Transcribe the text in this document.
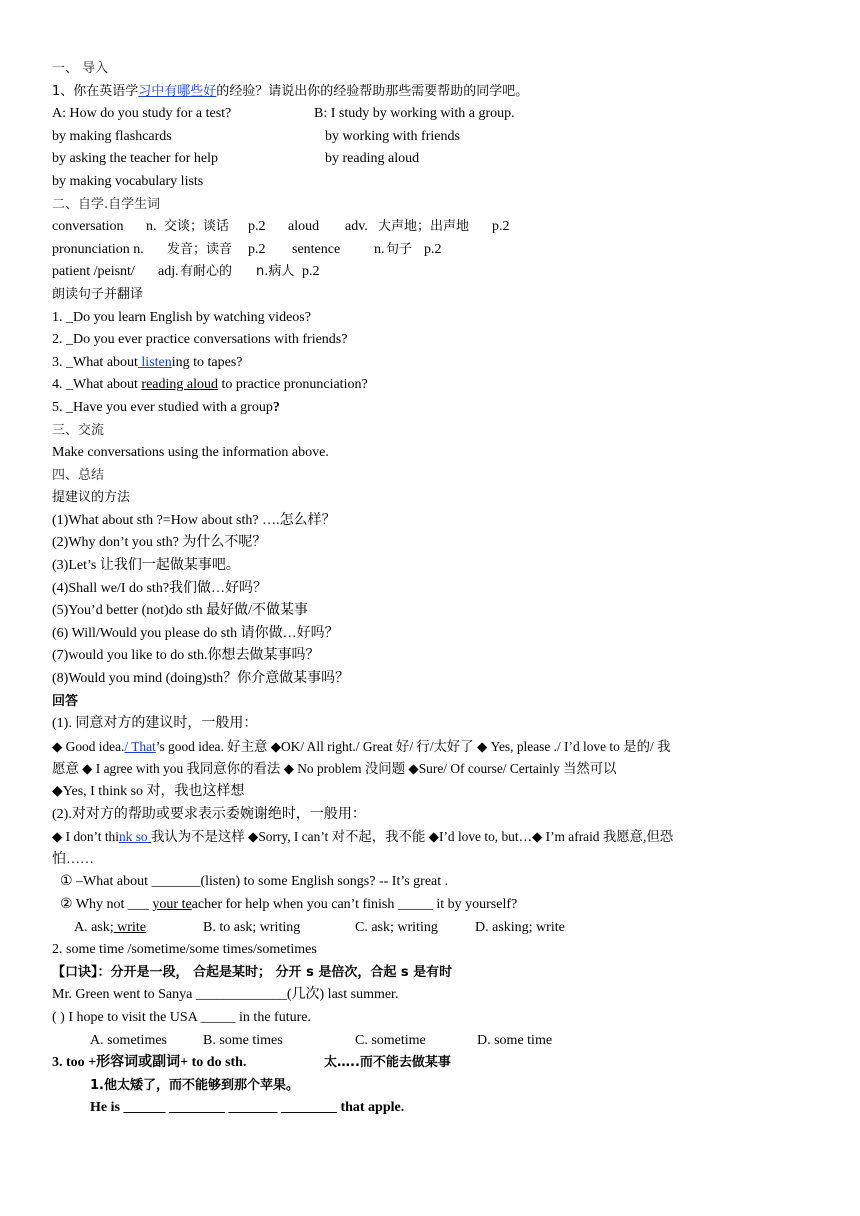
一、 导入
1、你在英语学习中有哪些好的经验？请说出你的经验帮助那些需要帮助的同学吧。
A: How do you study for a test?	B: I study by working with a group.
by making flashcards	by working with friends
by asking the teacher for help	by reading aloud
by making vocabulary lists
二、自学.自学生词
conversation n. 交谈；谈话 p.2 aloud adv. 大声地；出声地 p.2
pronunciation n. 发音；读音 p.2 sentence n. 句子 p.2
patient /peisnt/ adj. 有耐心的 n.病人 p.2
朗读句子并翻译
1. _Do you learn English by watching videos?
2. _Do you ever practice conversations with friends?
3. _What about listening to tapes?
4. _What about reading aloud to practice pronunciation?
5. _Have you ever studied with a group?
三、交流
Make conversations using the information above.
四、总结
提建议的方法
(1)What about sth ?=How about sth? ….怎么样？
(2)Why don’t you sth? 为什么不呢？
(3)Let’s 让我们一起做某事吧。
(4)Shall we/I do sth?我们做…好吗？
(5)You’d better (not)do sth 最好做/不做某事
(6) Will/Would you please do sth 请你做…好吗？
(7)would you like to do sth.你想去做某事吗？
(8)Would you mind (doing)sth？你介意做某事吗？
回答
(1). 同意对方的建议时，一般用：
◆ Good idea./ That’s good idea. 好主意 ◆OK/ All right./ Great 好/ 行/太好了 ◆ Yes, please ./ I’d love to 是的/ 我
愿意 ◆ I agree with you 我同意你的看法 ◆ No problem 没问题 ◆Sure/ Of course/ Certainly 当然可以
◆Yes, I think so 对，我也这样想
(2).对对方的帮助或要求表示委婉谢绝时，一般用：
◆ I don’t think so 我认为不是这样 ◆Sorry, I can’t 对不起，我不能 ◆I’d love to, but…◆ I’m afraid 我愿意,但恐
怕……
① –What about _______(listen) to some English songs? -- It’s great .
② Why not ___ your teacher for help when you can’t finish _____ it by yourself?
A. ask; write	B. to ask; writing	C. ask; writing	D. asking; write
2. some time /sometime/some times/sometimes
【口诀】：分开是一段， 合起是某时； 分开 s 是倍次，合起 s 是有时
Mr. Green went to Sanya _____________(几次) last summer.
( ) I hope to visit the USA _____ in the future.
A. sometimes	B. some times	C. sometime	D. some time
3. too +形容词或副词+ to do sth.	太…..而不能去做某事
1.他太矮了，而不能够到那个苹果。
He is ______ ________ _______ ________ that apple.
